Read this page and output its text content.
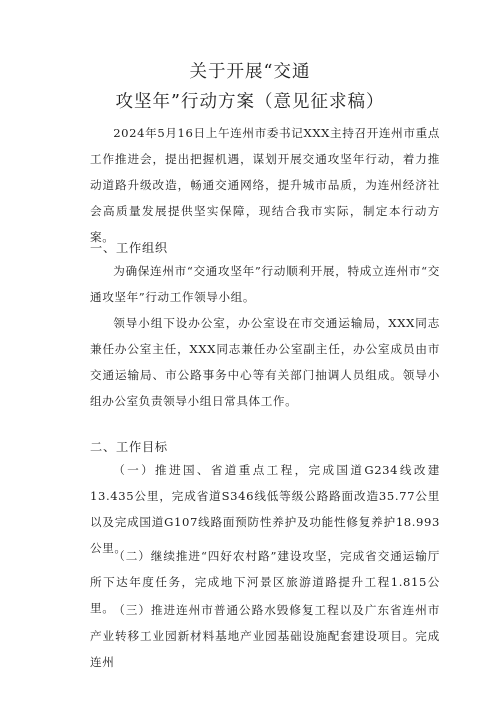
关于开展“交通
攻坚年”行动方案（意见征求稿）

2024年5月16日上午连州市委书记XXX主持召开连州市重点工作推进会，提出把握机遇，谋划开展交通攻坚年行动，着力推动道路升级改造，畅通交通网络，提升城市品质，为连州经济社会高质量发展提供坚实保障，现结合我市实际，制定本行动方案。

一、工作组织

为确保连州市“交通攻坚年”行动顺利开展，特成立连州市“交通攻坚年”行动工作领导小组。

领导小组下设办公室，办公室设在市交通运输局，XXX同志兼任办公室主任，XXX同志兼任办公室副主任，办公室成员由市交通运输局、市公路事务中心等有关部门抽调人员组成。领导小组办公室负责领导小组日常具体工作。

二、工作目标

（一）推进国、省道重点工程，完成国道G234线改建13.435公里，完成省道S346线低等级公路路面改造35.77公里以及完成国道G107线路面预防性养护及功能性修复养护18.993公里。

（二）继续推进“四好农村路”建设攻坚，完成省交通运输厅所下达年度任务，完成地下河景区旅游道路提升工程1.815公里。

（三）推进连州市普通公路水毁修复工程以及广东省连州市产业转移工业园新材料基地产业园基础设施配套建设项目。完成连州
